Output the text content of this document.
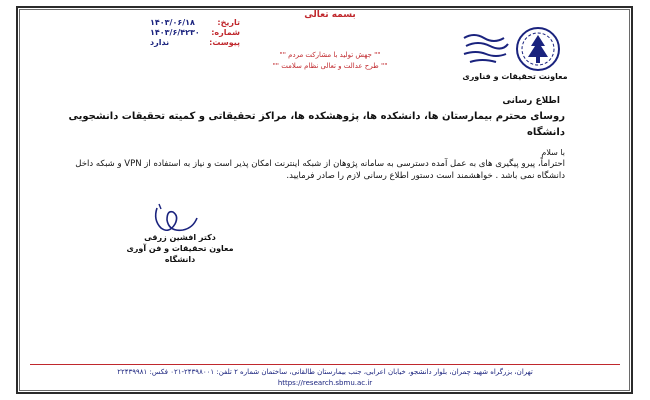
بسمه تعالی
تاریخ:
۱۴۰۳/۰۶/۱۸
شماره:
۱۴۰۳/۶/۴۲۳۰
پیوست:
ندارد
"" جهش تولید با مشارکت مردم ""
"" طرح عدالت و تعالی نظام سلامت ""
معاونت تحقیقات و فناوری
اطلاع رسانی
روسای محترم بیمارستان ها، دانشکده ها، پژوهشکده ها، مراکز تحقیقاتی و کمیته تحقیقات دانشجویی دانشگاه
با سلام
احتراماً، پیرو پیگیری های به عمل آمده دسترسی به سامانه پژوهان از شبکه اینترنت امکان پذیر است و نیاز به استفاده از VPN و شبکه داخل دانشگاه نمی باشد . خواهشمند است دستور اطلاع رسانی لازم را صادر فرمایید.
دکتر افشین زرقی
معاون تحقیقات و فن آوری دانشگاه
تهران، بزرگراه شهید چمران، بلوار دانشجو، خیابان اعرابی، جنب بیمارستان طالقانی، ساختمان شماره ۲ تلفن: ۲۴۳۹۸۰۰۱-۰۲۱ فکس: ۲۲۴۳۹۹۸۱
https://research.sbmu.ac.ir
